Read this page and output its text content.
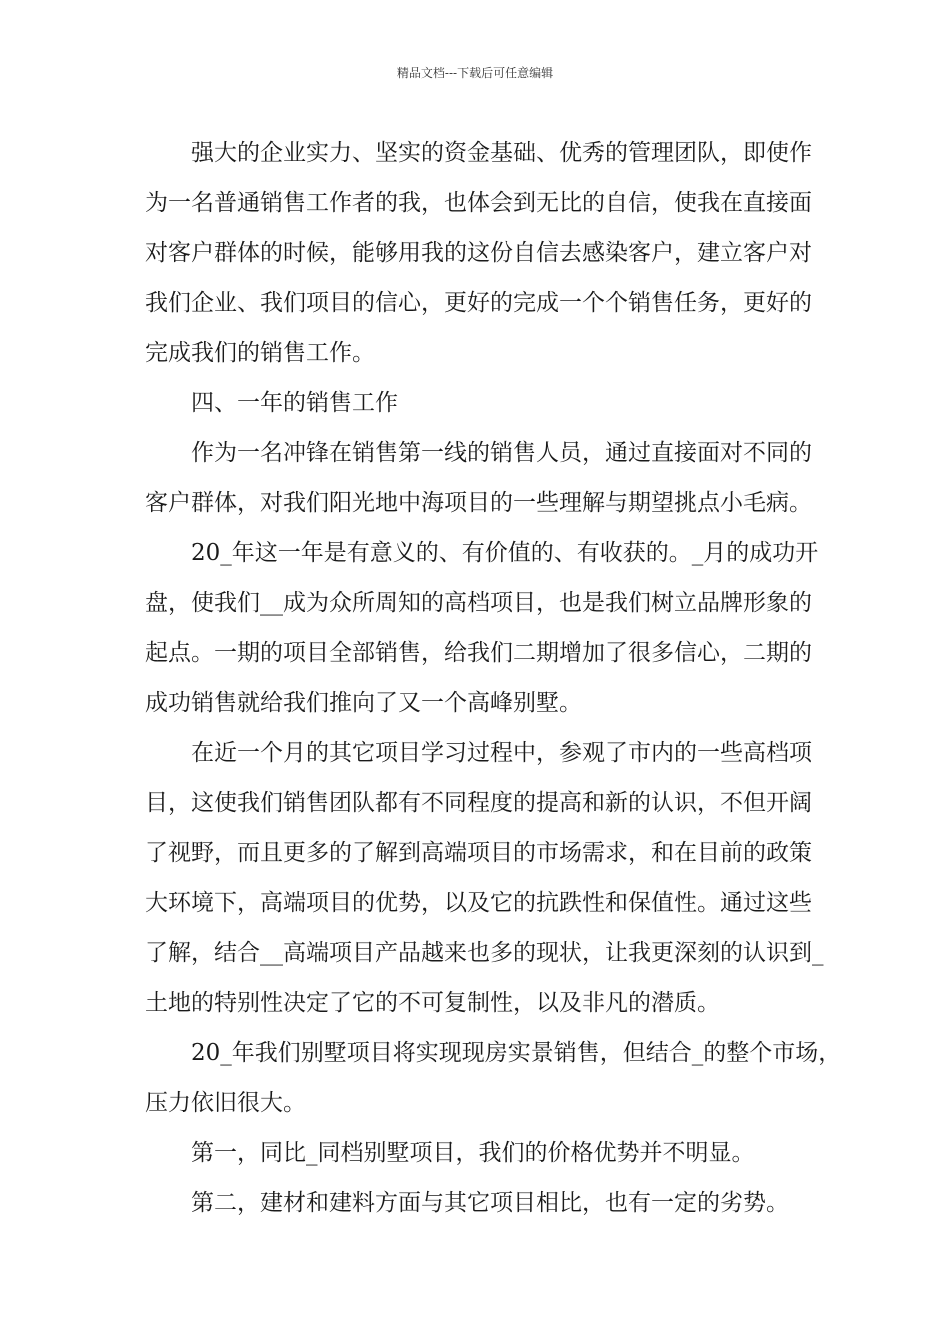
精品文档---下载后可任意编辑

强大的企业实力、坚实的资金基础、优秀的管理团队，即使作
为一名普通销售工作者的我，也体会到无比的自信，使我在直接面
对客户群体的时候，能够用我的这份自信去感染客户，建立客户对
我们企业、我们项目的信心，更好的完成一个个销售任务，更好的
完成我们的销售工作。

四、一年的销售工作

作为一名冲锋在销售第一线的销售人员，通过直接面对不同的
客户群体，对我们阳光地中海项目的一些理解与期望挑点小毛病。

20_年这一年是有意义的、有价值的、有收获的。_月的成功开
盘，使我们__成为众所周知的高档项目，也是我们树立品牌形象的
起点。一期的项目全部销售，给我们二期增加了很多信心，二期的
成功销售就给我们推向了又一个高峰别墅。

在近一个月的其它项目学习过程中，参观了市内的一些高档项
目，这使我们销售团队都有不同程度的提高和新的认识，不但开阔
了视野，而且更多的了解到高端项目的市场需求，和在目前的政策
大环境下，高端项目的优势，以及它的抗跌性和保值性。通过这些
了解，结合__高端项目产品越来也多的现状，让我更深刻的认识到_
土地的特别性决定了它的不可复制性，以及非凡的潜质。

20_年我们别墅项目将实现现房实景销售，但结合_的整个市场，
压力依旧很大。

第一，同比_同档别墅项目，我们的价格优势并不明显。

第二，建材和建料方面与其它项目相比，也有一定的劣势。
